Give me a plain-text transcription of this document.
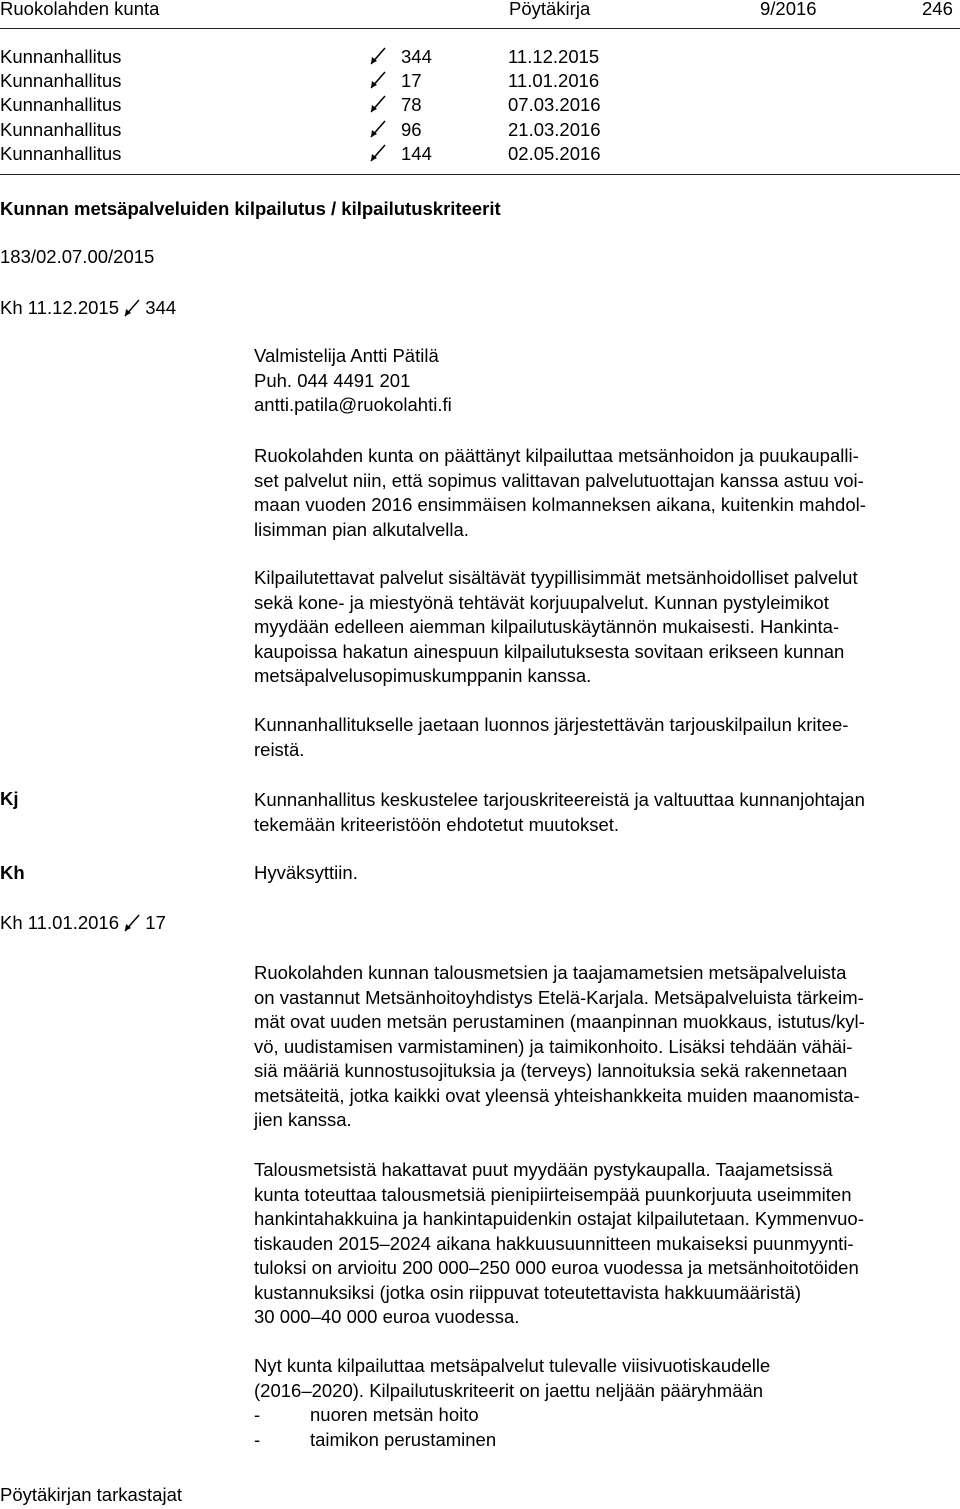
Ruokolahden kunta	Pöytäkirja	9/2016	246
Kunnanhallitus	344	11.12.2015
Kunnanhallitus	17	11.01.2016
Kunnanhallitus	78	07.03.2016
Kunnanhallitus	96	21.03.2016
Kunnanhallitus	144	02.05.2016
Kunnan metsäpalveluiden kilpailutus / kilpailutuskriteerit
183/02.07.00/2015
Kh 11.12.2015 344
Valmistelija Antti Pätilä
Puh. 044 4491 201
antti.patila@ruokolahti.fi
Ruokolahden kunta on päättänyt kilpailuttaa metsänhoidon ja puukaupalli-
set palvelut niin, että sopimus valittavan palvelutuottajan kanssa astuu voi-
maan vuoden 2016 ensimmäisen kolmanneksen aikana, kuitenkin mahdol-
lisimman pian alkutalvella.
Kilpailutettavat palvelut sisältävät tyypillisimmät metsänhoidolliset palvelut
sekä kone- ja miestyönä tehtävät korjuupalvelut. Kunnan pystyleimikot
myydään edelleen aiemman kilpailutuskäytännön mukaisesti. Hankinta-
kaupoissa hakatun ainespuun kilpailutuksesta sovitaan erikseen kunnan
metsäpalvelusopimuskumppanin kanssa.
Kunnanhallitukselle jaetaan luonnos järjestettävän tarjouskilpailun kritee-
reistä.
Kj	Kunnanhallitus keskustelee tarjouskriteereistä ja valtuuttaa kunnanjohtajan
tekemään kriteeristöön ehdotetut muutokset.
Kh	Hyväksyttiin.
Kh 11.01.2016 17
Ruokolahden kunnan talousmetsien ja taajamametsien metsäpalveluista
on vastannut Metsänhoitoyhdistys Etelä-Karjala. Metsäpalveluista tärkeim-
mät ovat uuden metsän perustaminen (maanpinnan muokkaus, istutus/kyl-
vö, uudistamisen varmistaminen) ja taimikonhoito. Lisäksi tehdään vähäi-
siä määriä kunnostusojituksia ja (terveys) lannoituksia sekä rakennetaan
metsäteitä, jotka kaikki ovat yleensä yhteishankkeita muiden maanomista-
jien kanssa.
Talousmetsistä hakattavat puut myydään pystykaupalla. Taajametsissä
kunta toteuttaa talousmetsiä pienipiirteisempää puunkorjuuta useimmiten
hankintahakkuina ja hankintapuidenkin ostajat kilpailutetaan. Kymmenvuo-
tiskauden 2015–2024 aikana hakkuusuunnitteen mukaiseksi puunmyynti-
tuloksi on arvioitu 200 000–250 000 euroa vuodessa ja metsänhoitotöiden
kustannuksiksi (jotka osin riippuvat toteutettavista hakkuumääristä)
30 000–40 000 euroa vuodessa.
Nyt kunta kilpailuttaa metsäpalvelut tulevalle viisivuotiskaudelle
(2016–2020). Kilpailutuskriteerit on jaettu neljään pääryhmään
-	nuoren metsän hoito
-	taimikon perustaminen
Pöytäkirjan tarkastajat
